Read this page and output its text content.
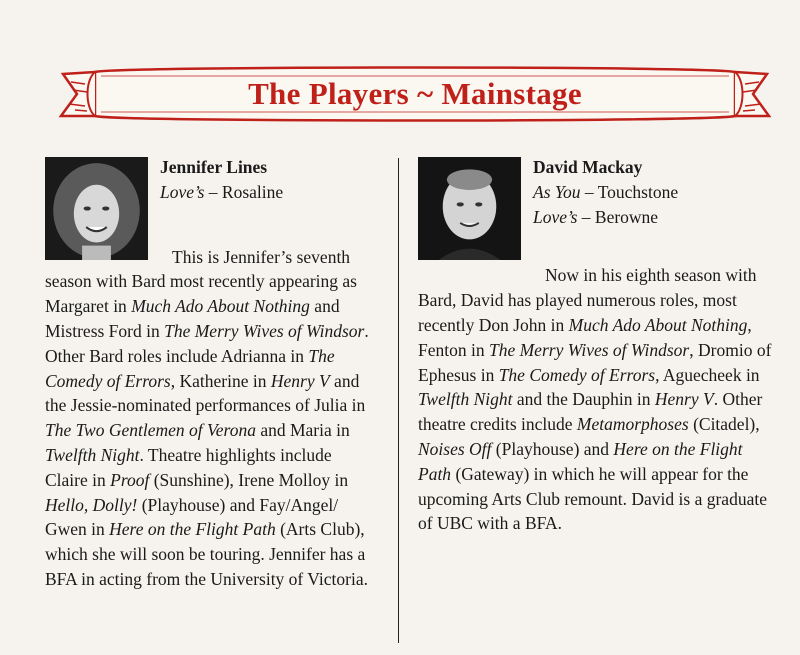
The Players ~ Mainstage
Jennifer Lines
Love’s – Rosaline
This is Jennifer’s seventh season with Bard most recently appearing as Margaret in Much Ado About Nothing and Mistress Ford in The Merry Wives of Windsor. Other Bard roles include Adrianna in The Comedy of Errors, Katherine in Henry V and the Jessie-nominated performances of Julia in The Two Gentlemen of Verona and Maria in Twelfth Night. Theatre highlights include Claire in Proof (Sunshine), Irene Molloy in Hello, Dolly! (Playhouse) and Fay/Angel/ Gwen in Here on the Flight Path (Arts Club), which she will soon be touring. Jennifer has a BFA in acting from the University of Victoria.
David Mackay
As You – Touchstone
Love’s – Berowne
Now in his eighth season with Bard, David has played numerous roles, most recently Don John in Much Ado About Nothing, Fenton in The Merry Wives of Windsor, Dromio of Ephesus in The Comedy of Errors, Aguecheek in Twelfth Night and the Dauphin in Henry V. Other theatre credits include Metamorphoses (Citadel), Noises Off (Playhouse) and Here on the Flight Path (Gateway) in which he will appear for the upcoming Arts Club remount. David is a graduate of UBC with a BFA.
